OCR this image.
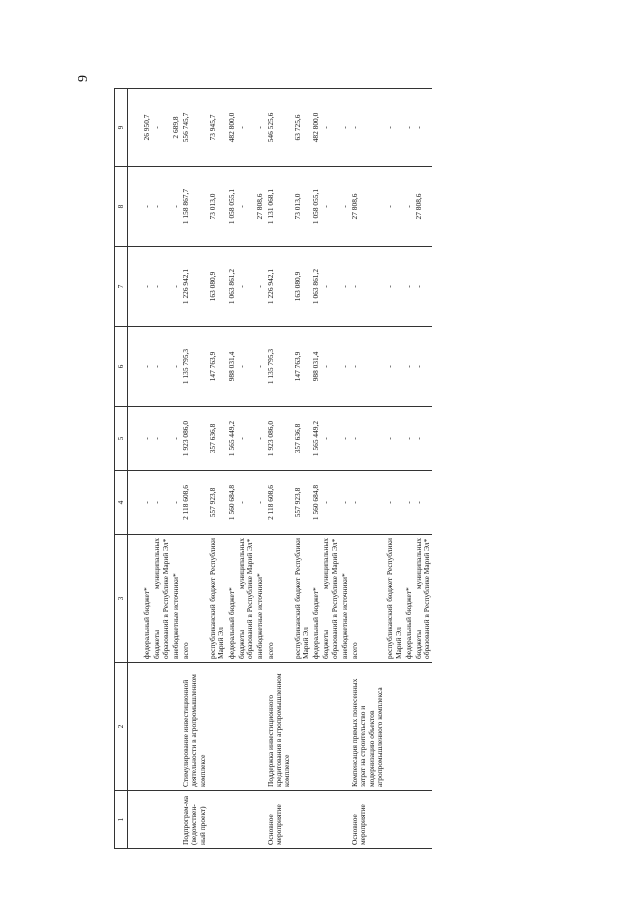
9
1	2	3	4	5	6	7	8	9

		федеральный бюджет*	-	-	-	-	-	26 950,7
		бюджеты муниципальных образований в Республике Марий Эл*	-	-	-	-	-	-
		внебюджетные источники*	-	-	-	-	-	2 689,8
Подпрограм-ма (ведомствен-ный проект)	Стимулирование инвестиционной деятельности в агропромышленном комплексе	всего	2 118 608,6	1 923 086,0	1 135 795,3	1 226 942,1	1 158 867,7	556 745,7
		республиканский бюджет Республики Марий Эл	557 923,8	357 636,8	147 763,9	163 080,9	73 013,0	73 945,7
		федеральный бюджет*	1 560 684,8	1 565 449,2	988 031,4	1 063 861,2	1 058 055,1	482 800,0
		бюджеты муниципальных образований в Республике Марий Эл*	-	-	-	-	-	-
		внебюджетные источники*	-	-	-	-	27 808,6	-
Основное мероприятие	Поддержка инвестиционного кредитования в агропромышленном комплексе	всего	2 118 608,6	1 923 086,0	1 135 795,3	1 226 942,1	1 131 068,1	546 525,6
		республиканский бюджет Республики Марий Эл	557 923,8	357 636,8	147 763,9	163 080,9	73 013,0	63 725,6
		федеральный бюджет*	1 560 684,8	1 565 449,2	988 031,4	1 063 861,2	1 058 055,1	482 800,0
		бюджеты муниципальных образований в Республике Марий Эл*	-	-	-	-	-	-
		внебюджетные источники*	-	-	-	-	-	-
Основное мероприятие	Компенсация прямых понесенных затрат на строительство и модернизацию объектов агропромышленного комплекса	всего	-	-	-	-	27 808,6	-
		республиканский бюджет Республики Марий Эл	-	-	-	-	-	-
		федеральный бюджет*	-	-	-	-	-	-
		бюджеты муниципальных образований в Республике Марий Эл*	-	-	-	-	27 808,6	-
